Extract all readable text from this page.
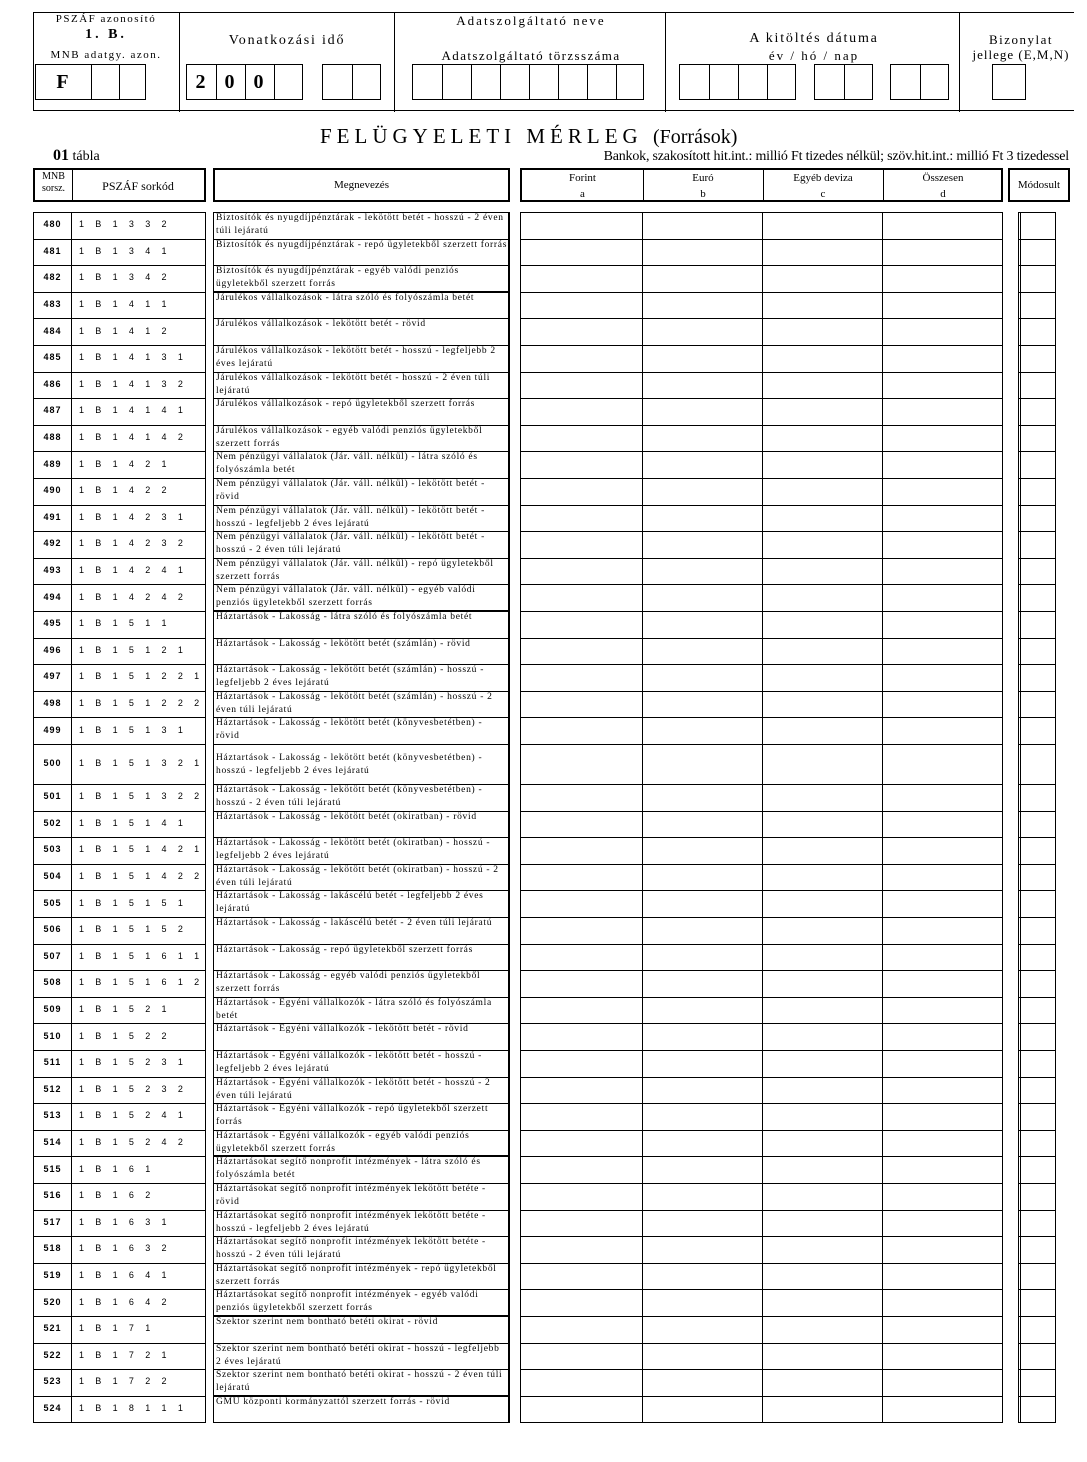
PSZÁF azonosító
1. B.
MNB adatgy. azon.
F
Vonatkozási idő
2 0 0
Adatszolgáltató neve
Adatszolgáltató törzsszáma
A kitöltés dátuma
év / hó / nap
Bizonylat
jellege (E,M,N)
FELÜGYELETI MÉRLEG (Források)
01 tábla	Bankok, szakosított hit.int.: millió Ft tizedes nélkül; szöv.hit.int.: millió Ft 3 tizedessel
MNB sorsz.	PSZÁF sorkód	Megnevezés
Forint
a
Euró
b
Egyéb deviza
c
Összesen
d
Módosult
480	1 B 1 3 3 2
Biztosítók és nyugdíjpénztárak - lekötött betét - hosszú - 2 éven túli lejáratú
481	1 B 1 3 4 1
Biztosítók és nyugdíjpénztárak - repó ügyletekből szerzett forrás
482	1 B 1 3 4 2
Biztosítók és nyugdíjpénztárak - egyéb valódi penziós ügyletekből szerzett forrás
483	1 B 1 4 1 1
Járulékos vállalkozások - látra szóló és folyószámla betét
484	1 B 1 4 1 2
Járulékos vállalkozások - lekötött betét - rövid
485	1 B 1 4 1 3 1
Járulékos vállalkozások - lekötött betét - hosszú - legfeljebb 2 éves lejáratú
486	1 B 1 4 1 3 2
Járulékos vállalkozások - lekötött betét - hosszú - 2 éven túli lejáratú
487	1 B 1 4 1 4 1
Járulékos vállalkozások - repó ügyletekből szerzett forrás
488	1 B 1 4 1 4 2
Járulékos vállalkozások - egyéb valódi penziós ügyletekből szerzett forrás
489	1 B 1 4 2 1
Nem pénzügyi vállalatok (Jár. váll. nélkül) - látra szóló és folyószámla betét
490	1 B 1 4 2 2
Nem pénzügyi vállalatok (Jár. váll. nélkül) - lekötött betét - rövid
491	1 B 1 4 2 3 1
Nem pénzügyi vállalatok (Jár. váll. nélkül) - lekötött betét - hosszú - legfeljebb 2 éves lejáratú
492	1 B 1 4 2 3 2
Nem pénzügyi vállalatok (Jár. váll. nélkül) - lekötött betét - hosszú - 2 éven túli lejáratú
493	1 B 1 4 2 4 1
Nem pénzügyi vállalatok (Jár. váll. nélkül) - repó ügyletekből szerzett forrás
494	1 B 1 4 2 4 2
Nem pénzügyi vállalatok (Jár. váll. nélkül) - egyéb valódi penziós ügyletekből szerzett forrás
495	1 B 1 5 1 1
Háztartások - Lakosság - látra szóló és folyószámla betét
496	1 B 1 5 1 2 1
Háztartások - Lakosság - lekötött betét (számlán) - rövid
497	1 B 1 5 1 2 2 1
Háztartások - Lakosság - lekötött betét (számlán) - hosszú - legfeljebb 2 éves lejáratú
498	1 B 1 5 1 2 2 2
Háztartások - Lakosság - lekötött betét (számlán) - hosszú - 2 éven túli lejáratú
499	1 B 1 5 1 3 1
Háztartások - Lakosság - lekötött betét (könyvesbetétben) - rövid
500	1 B 1 5 1 3 2 1 Háztartások - Lakosság - lekötött betét (könyvesbetétben) - hosszú - legfeljebb 2 éves lejáratú
501	1 B 1 5 1 3 2 2
Háztartások - Lakosság - lekötött betét (könyvesbetétben) - hosszú - 2 éven túli lejáratú
502	1 B 1 5 1 4 1
Háztartások - Lakosság - lekötött betét (okiratban) - rövid
503	1 B 1 5 1 4 2 1
Háztartások - Lakosság - lekötött betét (okiratban) - hosszú - legfeljebb 2 éves lejáratú
504	1 B 1 5 1 4 2 2
Háztartások - Lakosság - lekötött betét (okiratban) - hosszú - 2 éven túli lejáratú
505	1 B 1 5 1 5 1
Háztartások - Lakosság - lakáscélú betét - legfeljebb 2 éves lejáratú
506	1 B 1 5 1 5 2
Háztartások - Lakosság - lakáscélú betét - 2 éven túli lejáratú
507	1 B 1 5 1 6 1 1
Háztartások - Lakosság - repó ügyletekből szerzett forrás
508	1 B 1 5 1 6 1 2
Háztartások - Lakosság - egyéb valódi penziós ügyletekből szerzett forrás
509	1 B 1 5 2 1
Háztartások - Egyéni vállalkozók - látra szóló és folyószámla betét
510	1 B 1 5 2 2
Háztartások - Egyéni vállalkozók - lekötött betét - rövid
511	1 B 1 5 2 3 1
Háztartások - Egyéni vállalkozók - lekötött betét - hosszú - legfeljebb 2 éves lejáratú
512	1 B 1 5 2 3 2
Háztartások - Egyéni vállalkozók - lekötött betét - hosszú - 2 éven túli lejáratú
513	1 B 1 5 2 4 1
Háztartások - Egyéni vállalkozók - repó ügyletekből szerzett forrás
514	1 B 1 5 2 4 2
Háztartások - Egyéni vállalkozók - egyéb valódi penziós ügyletekből szerzett forrás
515	1 B 1 6 1
Háztartásokat segítő nonprofit intézmények - látra szóló és folyószámla betét
516	1 B 1 6 2
Háztartásokat segítő nonprofit intézmények lekötött betéte - rövid
517	1 B 1 6 3 1
Háztartásokat segítő nonprofit intézmények lekötött betéte - hosszú - legfeljebb 2 éves lejáratú
518	1 B 1 6 3 2
Háztartásokat segítő nonprofit intézmények lekötött betéte - hosszú - 2 éven túli lejáratú
519	1 B 1 6 4 1
Háztartásokat segítő nonprofit intézmények - repó ügyletekből szerzett forrás
520	1 B 1 6 4 2
Háztartásokat segítő nonprofit intézmények - egyéb valódi penziós ügyletekből szerzett forrás
521	1 B 1 7 1
Szektor szerint nem bontható betéti okirat - rövid
522	1 B 1 7 2 1
Szektor szerint nem bontható betéti okirat - hosszú - legfeljebb 2 éves lejáratú
523	1 B 1 7 2 2
Szektor szerint nem bontható betéti okirat - hosszú - 2 éven túli lejáratú
524	1 B 1 8 1 1 1
GMU központi kormányzattól szerzett forrás - rövid
